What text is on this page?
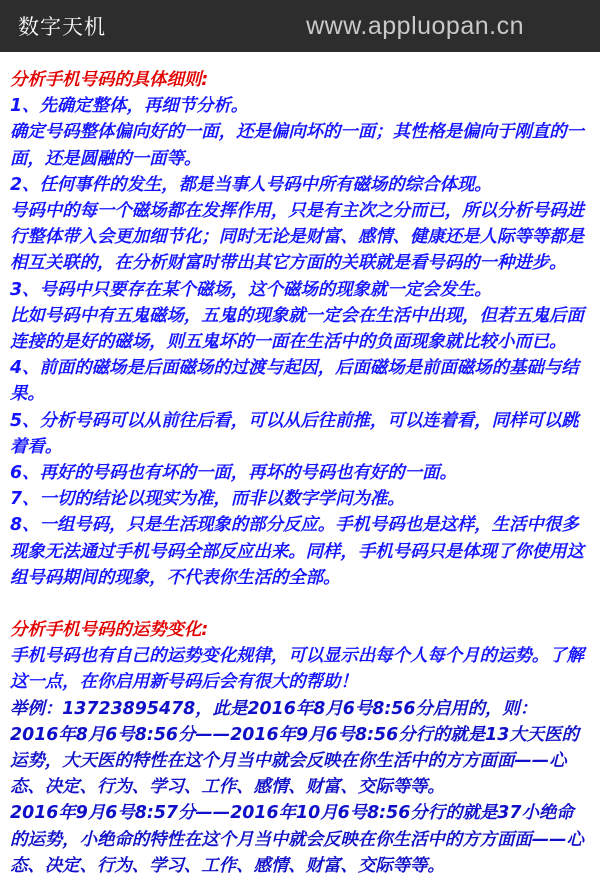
数字天机	www.appluopan.cn

分析手机号码的具体细则:

1、先确定整体，再细节分析。

确定号码整体偏向好的一面，还是偏向坏的一面；其性格是偏向于刚直的一面，还是圆融的一面等。

2、任何事件的发生，都是当事人号码中所有磁场的综合体现。

号码中的每一个磁场都在发挥作用，只是有主次之分而已，所以分析号码进行整体带入会更加细节化；同时无论是财富、感情、健康还是人际等等都是相互关联的，在分析财富时带出其它方面的关联就是看号码的一种进步。

3、号码中只要存在某个磁场，这个磁场的现象就一定会发生。

比如号码中有五鬼磁场，五鬼的现象就一定会在生活中出现，但若五鬼后面连接的是好的磁场，则五鬼坏的一面在生活中的负面现象就比较小而已。

4、前面的磁场是后面磁场的过渡与起因，后面磁场是前面磁场的基础与结果。

5、分析号码可以从前往后看，可以从后往前推，可以连着看，同样可以跳着看。

6、再好的号码也有坏的一面，再坏的号码也有好的一面。

7、一切的结论以现实为准，而非以数字学问为准。

8、一组号码，只是生活现象的部分反应。手机号码也是这样，生活中很多现象无法通过手机号码全部反应出来。同样，手机号码只是体现了你使用这组号码期间的现象，不代表你生活的全部。

分析手机号码的运势变化:

手机号码也有自己的运势变化规律，可以显示出每个人每个月的运势。了解这一点，在你启用新号码后会有很大的帮助！

举例：13723895478，此是2016年8月6号8:56分启用的，则：

2016年8月6号8:56分——2016年9月6号8:56分行的就是13大天医的运势，大天医的特性在这个月当中就会反映在你生活中的方方面面——心态、决定、行为、学习、工作、感情、财富、交际等等。

2016年9月6号8:57分——2016年10月6号8:56分行的就是37小绝命的运势，小绝命的特性在这个月当中就会反映在你生活中的方方面面——心态、决定、行为、学习、工作、感情、财富、交际等等。
